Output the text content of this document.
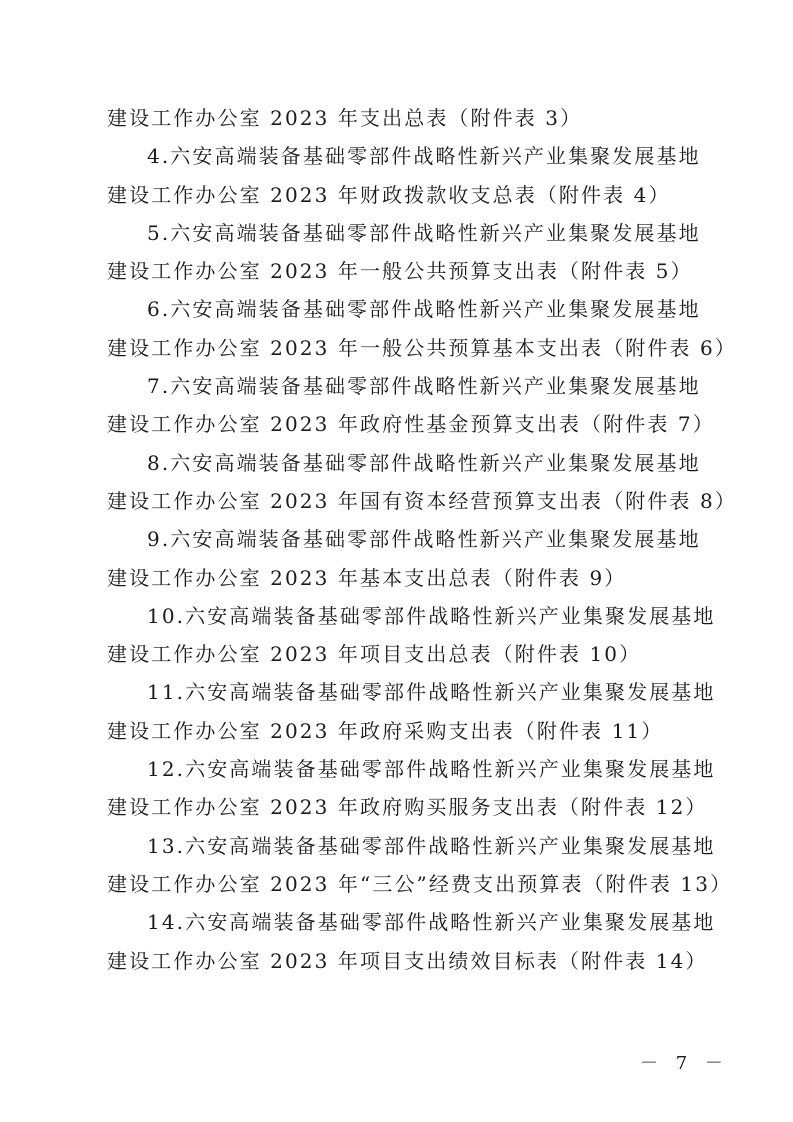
建设工作办公室 2023 年支出总表（附件表 3）
4.六安高端装备基础零部件战略性新兴产业集聚发展基地
建设工作办公室 2023 年财政拨款收支总表（附件表 4）
5.六安高端装备基础零部件战略性新兴产业集聚发展基地
建设工作办公室 2023 年一般公共预算支出表（附件表 5）
6.六安高端装备基础零部件战略性新兴产业集聚发展基地
建设工作办公室 2023 年一般公共预算基本支出表（附件表 6）
7.六安高端装备基础零部件战略性新兴产业集聚发展基地
建设工作办公室 2023 年政府性基金预算支出表（附件表 7）
8.六安高端装备基础零部件战略性新兴产业集聚发展基地
建设工作办公室 2023 年国有资本经营预算支出表（附件表 8）
9.六安高端装备基础零部件战略性新兴产业集聚发展基地
建设工作办公室 2023 年基本支出总表（附件表 9）
10.六安高端装备基础零部件战略性新兴产业集聚发展基地
建设工作办公室 2023 年项目支出总表（附件表 10）
11.六安高端装备基础零部件战略性新兴产业集聚发展基地
建设工作办公室 2023 年政府采购支出表（附件表 11）
12.六安高端装备基础零部件战略性新兴产业集聚发展基地
建设工作办公室 2023 年政府购买服务支出表（附件表 12）
13.六安高端装备基础零部件战略性新兴产业集聚发展基地
建设工作办公室 2023 年“三公”经费支出预算表（附件表 13）
14.六安高端装备基础零部件战略性新兴产业集聚发展基地
建设工作办公室 2023 年项目支出绩效目标表（附件表 14）
－ 7 －
